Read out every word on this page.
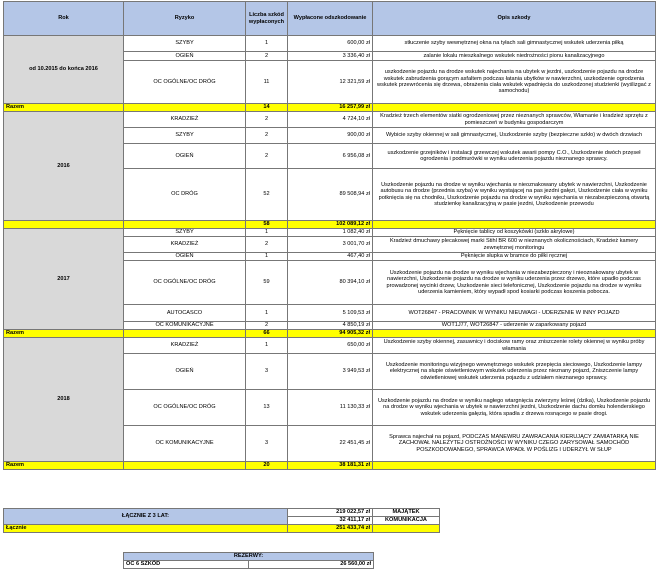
Rok	Ryzyko	Liczba szkód wypłaconych	Wypłacone odszkodowanie	Opis szkody
od 10.2015 do końca 2016	SZYBY	1	600,00 zł	stłuczenie szyby wewnętrznej okna na tyłach sali gimnastycznej wskutek uderzenia piłką
	OGIEŃ	2	3 336,40 zł	zalanie lokalu mieszkalnego wskutek niedrożności pionu kanalizacyjnego
	OC OGÓLNE/OC DRÓG	11	12 321,59 zł	uszkodzenie pojazdu na drodze wskutek najechania na ubytek w jezdni, uszkodzenie pojazdu na drodze wskutek zabrudzenia gorącym asfaltem podczas łatania ubytków w nawierzchni, uszkodzenie ogrodzenia wskutek przewrócenia się drzewa, obrażenia ciała wskutek wpadnięcia do uszkodzonej studzienki (wyślizgać z samochodu)
Razem		14	16 257,99 zł	
2016	KRADZIEŻ	2	4 724,10 zł	Kradzież trzech elementów siatki ogrodzeniowej przez nieznanych sprawców, Włamanie i kradzież sprzętu z pomieszczeń w budynku gospodarczym
	SZYBY	2	900,00 zł	Wybicie szyby okiennej w sali gimnastycznej, Uszkodzenie szyby (bezpieczne szkło) w dwóch drzwiach
	OGIEŃ	2	6 956,08 zł	uszkodzenie grzejników i instalacji grzewczej wskutek awarii pompy C.O., Uszkodzenie dwóch przęseł ogrodzenia i podmurówki w wyniku uderzenia pojazdu nieznanego sprawcy.
	OC DRÓG	52	89 508,94 zł	Uszkodzenie pojazdu na drodze w wyniku wjechania w nieoznakowany ubytek w nawierzchni, Uszkodzenie autobusu na drodze (przednia szyba) w wyniku wystającej na pas jezdni gałęzi, Uszkodzenie ciała w wyniku potknięcia się na chodniku, Uszkodzenie pojazdu na drodze w wyniku wjechania w niezabezpieczoną otwartą studzienkę kanalizacyjną w pasie jezdni, Uszkodzenie przewodu
		58	102 089,12 zł	
2017	SZYBY	1	1 082,40 zł	Pęknięcie tablicy od koszykówki (szkło akrylowe)
	KRADZIEŻ	2	3 001,70 zł	Kradzież dmuchawy plecakowej marki Stihl BR 600 w nieznanych okolicznościach, Kradzież kamery zewnętrznej monitoringu
	OGIEŃ	1	467,40 zł	Pęknięcie słupka w bramce do piłki ręcznej
	OC OGÓLNE/OC DRÓG	59	80 394,10 zł	Uszkodzenie pojazdu na drodze w wyniku wjechania w niezabezpieczony i nieoznakowany ubytek w nawierzchni, Uszkodzenie pojazdu na drodze w wyniku uderzenia przez drzewo, które upadło podczas prowadzonej wycinki drzew, Uszkodzenie sieci telefonicznej, Uszkodzenie pojazdu na drodze w wyniku uderzenia kamieniem, który wypadł spod kosiarki podczas koszenia pobocza.
	AUTOCASCO	1	5 109,53 zł	WOT26847 - PRACOWNIK W WYNIKU NIEUWAGI - UDERZENIE W INNY POJAZD
	OC KOMUNIKACYJNE	2	4 850,19 zł	WOT1J77, WOT26847 - uderzenie w zaparkowany pojazd
Razem		66	94 905,32 zł	
2018	KRADZIEŻ	1	650,00 zł	Uszkodzenie szyby okiennej, zasuwnicy i dociskow ramy oraz zniszczenie rolety okiennej w wyniku próby włamania
	OGIEŃ	3	3 949,53 zł	Uszkodzenie monitoringu wizyjnego wewnętrznego wskutek przepięcia sieciowego, Uszkodzenie lampy elektrycznej na słupie oświetleniowym wskutek uderzenia przez nieznany pojazd, Zniszczenie lampy oświetleniowej wskutek uderzenia pojazdu z udziałem nieznanego sprawcy.
	OC OGÓLNE/OC DRÓG	13	11 130,33 zł	Uszkodzenie pojazdu na drodze w wyniku nagłego wtargnięcia zwierzyny leśnej (dzika), Uszkodzenie pojazdu na drodze w wyniku wjechania w ubytek w nawierzchni jezdni, Uszkodzenie dachu domku holenderskiego wskutek uderzenia gałęzią, która spadła z drzewa rosnącego w pasie drogi.
	OC KOMUNIKACYJNE	3	22 451,45 zł	Sprawca najechał na pojazd, PODCZAS MANEWRU ZAWRACANIA KIERUJĄCY ZAMIATARKĄ NIE ZACHOWAŁ NALEŻYTEJ OSTROŻNOŚCI W WYNIKU CZEGO ZARYSOWAŁ SAMOCHÓD POSZKODOWANEGO, SPRAWCA WPADŁ W POŚLIZG I UDERZYŁ W SŁUP
Razem		20	38 181,31 zł	
ŁĄCZNIE Z 3 LAT:	219 022,57 zł	MAJĄTEK
	32 411,17 zł	KOMUNIKACJA
Łącznie	251 433,74 zł	
REZERWY:
OC 6 SZKÓD	26 560,00 zł
